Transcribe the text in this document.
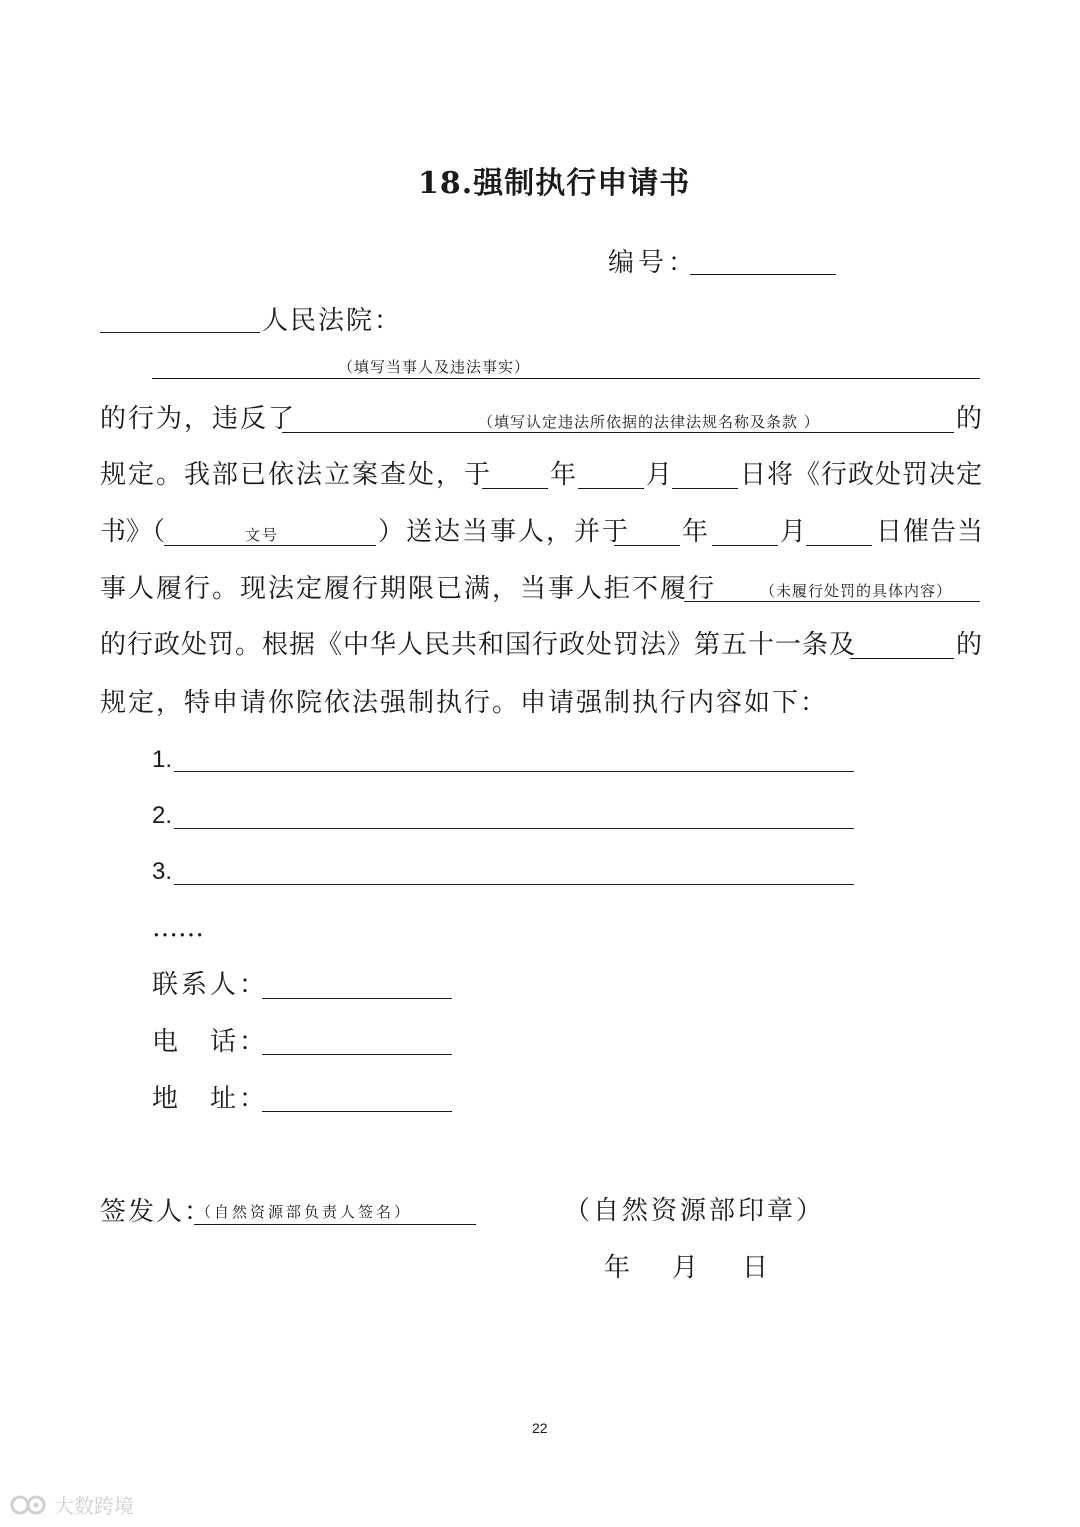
18.强制执行申请书
编号：
人民法院：
（填写当事人及违法事实）
的行为，违反了	（填写认定违法所依据的法律法规名称及条款 ）	的
规定。我部已依法立案查处，于 年	月	日将《行政处罚决定
书》（	文号	）送达当事人，并于 年	月	日催告当
事人履行。现法定履行期限已满，当事人拒不履行	（未履行处罚的具体内容）
的行政处罚。根据《中华人民共和国行政处罚法》第五十一条及	的
规定，特申请你院依法强制执行。申请强制执行内容如下：
1.
2.
3.
……
联系人：
电　话：
地　址：
签发人：
（自然资源部负责人签名）	（自然资源部印章）
年 月 日
22
大数跨境
